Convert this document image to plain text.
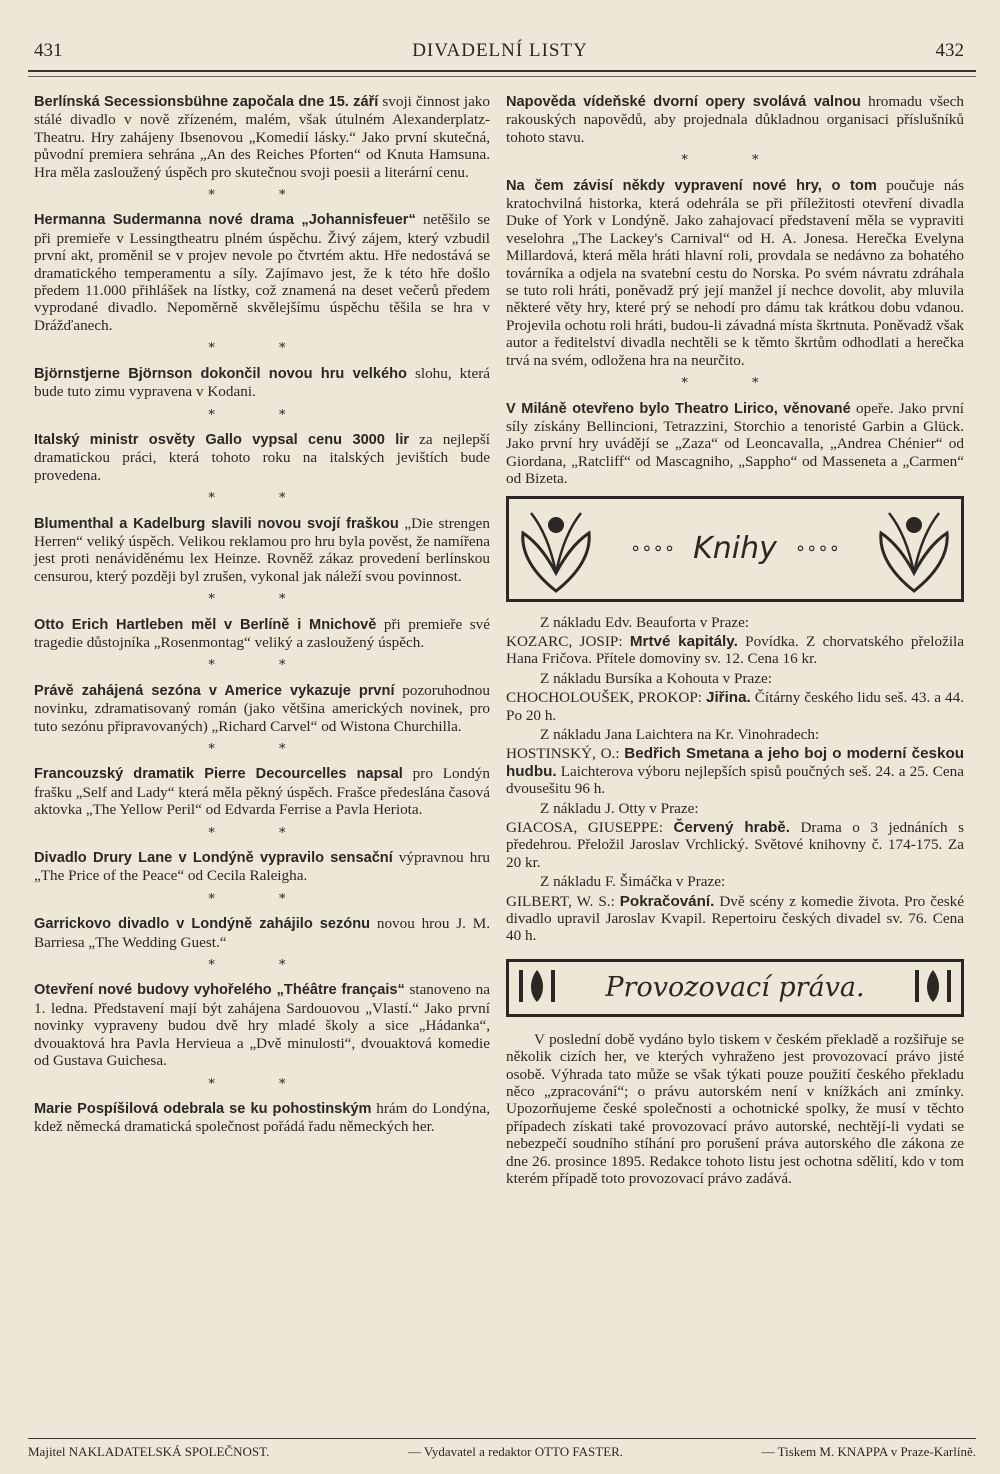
431	DIVADELNÍ LISTY	432

Berlínská Secessionsbühne započala dne 15. září svoji činnost jako stálé divadlo v nově zřízeném, malém, však útulném Alexanderplatz-Theatru. Hry zahájeny Ibsenovou „Komedií lásky.“ Jako první skutečná, původní premiera sehrána „An des Reiches Pforten“ od Knuta Hamsuna. Hra měla zasloužený úspěch pro skutečnou svoji poesii a literární cenu.

* *

Hermanna Sudermanna nové drama „Johannisfeuer“ netěšilo se při premieře v Lessingtheatru plném úspěchu. Živý zájem, který vzbudil první akt, proměnil se v projev nevole po čtvrtém aktu. Hře nedostává se dramatického temperamentu a síly. Zajímavo jest, že k této hře došlo předem 11.000 přihlášek na lístky, což znamená na deset večerů předem vyprodané divadlo. Nepoměrně skvělejšímu úspěchu těšila se hra v Drážďanech.

* *

Björnstjerne Björnson dokončil novou hru velkého slohu, která bude tuto zimu vypravena v Kodani.

* *

Italský ministr osvěty Gallo vypsal cenu 3000 lir za nejlepší dramatickou práci, která tohoto roku na italských jevištích bude provedena.

* *

Blumenthal a Kadelburg slavili novou svojí fraškou „Die strengen Herren“ veliký úspěch. Velikou reklamou pro hru byla pověst, že namířena jest proti nenáviděnému lex Heinze. Rovněž zákaz provedení berlínskou censurou, který později byl zrušen, vykonal jak náleží svou povinnost.

* *

Otto Erich Hartleben měl v Berlíně i Mnichově při premieře své tragedie důstojníka „Rosenmontag“ veliký a zasloužený úspěch.

* *

Právě zahájená sezóna v Americe vykazuje první pozoruhodnou novinku, zdramatisovaný román (jako většina amerických novinek, pro tuto sezónu připravovaných) „Richard Carvel“ od Wistona Churchilla.

* *

Francouzský dramatik Pierre Decourcelles napsal pro Londýn frašku „Self and Lady“ která měla pěkný úspěch. Frašce předeslána časová aktovka „The Yellow Peril“ od Edvarda Ferrise a Pavla Heriota.

* *

Divadlo Drury Lane v Londýně vypravilo sensační výpravnou hru „The Price of the Peace“ od Cecila Raleigha.

* *

Garrickovo divadlo v Londýně zahájilo sezónu novou hrou J. M. Barriesa „The Wedding Guest.“

* *

Otevření nové budovy vyhořelého „Théâtre français“ stanoveno na 1. ledna. Představení mají být zahájena Sardouovou „Vlastí.“ Jako první novinky vypraveny budou dvě hry mladé školy a sice „Hádanka“, dvouaktová hra Pavla Hervieua a „Dvě minulosti“, dvouaktová komedie od Gustava Guichesa.

* *

Marie Pospíšilová odebrala se ku pohostinským hrám do Londýna, kdež německá dramatická společnost pořádá řadu německých her.

Napověda vídeňské dvorní opery svolává valnou hromadu všech rakouských napovědů, aby projednala důkladnou organisaci příslušníků tohoto stavu.

* *

Na čem závisí někdy vypravení nové hry, o tom poučuje nás kratochvilná historka, která odehrála se při příležitosti otevření divadla Duke of York v Londýně. Jako zahajovací představení měla se vypraviti veselohra „The Lackey's Carnival“ od H. A. Jonesa. Herečka Evelyna Millardová, která měla hráti hlavní roli, provdala se nedávno za bohatého továrníka a odjela na svatební cestu do Norska. Po svém návratu zdráhala se tuto roli hráti, poněvadž prý její manžel jí nechce dovolit, aby mluvila některé věty hry, které prý se nehodí pro dámu tak krátkou dobu vdanou. Projevila ochotu roli hráti, budou-li závadná místa škrtnuta. Poněvadž však autor a ředitelství divadla nechtěli se k těmto škrtům odhodlati a herečka trvá na svém, odložena hra na neurčito.

* *

V Miláně otevřeno bylo Theatro Lirico, věnované opeře. Jako první síly získány Bellincioni, Tetrazzini, Storchio a tenoristé Garbin a Glück. Jako první hry uvádějí se „Zaza“ od Leoncavalla, „Andrea Chénier“ od Giordana, „Ratcliff“ od Mascagniho, „Sappho“ od Masseneta a „Carmen“ od Bizeta.

∘∘∘∘ Knihy ∘∘∘∘

Z nákladu Edv. Beauforta v Praze:

KOZARC, JOSIP: Mrtvé kapitály. Povídka. Z chorvatského přeložila Hana Fričova. Přítele domoviny sv. 12. Cena 16 kr.

Z nákladu Bursíka a Kohouta v Praze:

CHOCHOLOUŠEK, PROKOP: Jiřina. Čítárny českého lidu seš. 43. a 44. Po 20 h.

Z nákladu Jana Laichtera na Kr. Vinohradech:

HOSTINSKÝ, O.: Bedřich Smetana a jeho boj o moderní českou hudbu. Laichterova výboru nejlepších spisů poučných seš. 24. a 25. Cena dvousešitu 96 h.

Z nákladu J. Otty v Praze:

GIACOSA, GIUSEPPE: Červený hrabě. Drama o 3 jednáních s předehrou. Přeložil Jaroslav Vrchlický. Světové knihovny č. 174-175. Za 20 kr.

Z nákladu F. Šimáčka v Praze:

GILBERT, W. S.: Pokračování. Dvě scény z komedie života. Pro české divadlo upravil Jaroslav Kvapil. Repertoiru českých divadel sv. 76. Cena 40 h.

Provozovací práva.

V poslední době vydáno bylo tiskem v českém překladě a rozšiřuje se několik cizích her, ve kterých vyhraženo jest provozovací právo jisté osobě. Výhrada tato může se však týkati pouze použití českého překladu něco „zpracování“; o právu autorském není v knížkách ani zmínky. Upozorňujeme české společnosti a ochotnické spolky, že musí v těchto případech získati také provozovací právo autorské, nechtějí-li vydati se nebezpečí soudního stíhání pro porušení práva autorského dle zákona ze dne 26. prosince 1895. Redakce tohoto listu jest ochotna sdělití, kdo v tom kterém případě toto provozovací právo zadává.

Majitel NAKLADATELSKÁ SPOLEČNOST.	— Vydavatel a redaktor OTTO FASTER.	— Tiskem M. KNAPPA v Praze-Karlíně.
